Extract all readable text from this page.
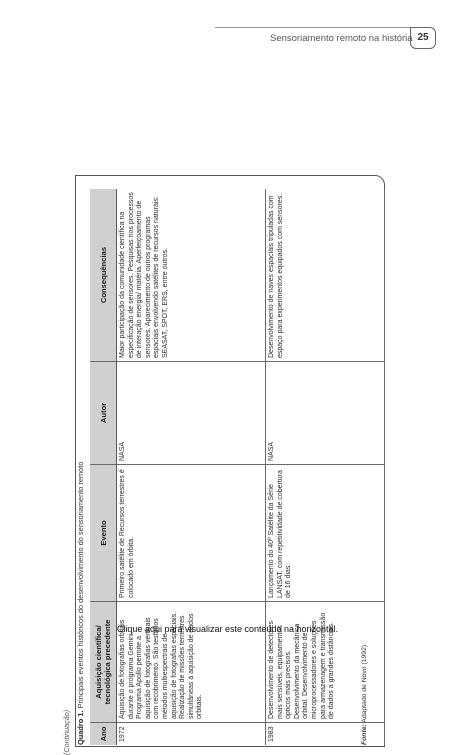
Sensoriamento remoto na história 25
(Continuação) Quadro 1. Principais eventos históricos do desenvolvimento do sensoriamento remoto
Ano
Aquisição científica/ tecnológica precedente
Evento
Autor
Consequências
1972
Aquisição de fotografias orbitais durante o programa Gemini. Programa Apollo permite a aquisição de fotografias verticais com recobrimento. São testados métodos multiespectrais de aquisição de fotografias espaciais. Realização de missões terrestres simultâneas à aquisição de dados orbitais.
Primeiro satélite de Recursos terrestres é colocado em órbita.
NASA
Maior participação da comunidade científica na especificação de sensores. Pesquisas nos processos de interação energia/ matéria. Aperfeiçoamento de sensores. Aparecimento de outros programas espaciais envolvendo satélites de recursos naturais: SEASAT, SPOT, ERS, entre outros.
1983
Desenvolvimento de detectores mais sensíveis, equipamentos ópticos mais precisos. Desenvolvimento da mecânica orbital. Desenvolvimento de microprocessadores e soluções para armazenagem e transmissão de dados a grandes distâncias.
Lançamento do 40º Satélite da Série LANSAT, com repetitividade de cobertura de 16 dias.
NASA
Desenvolvimento de naves espaciais tripuladas com espaço para experimentos equipados com sensores.
Fonte: Adaptado de Novo (1992).
Clique aqui para visualizar este conteúdo na horizontal.
